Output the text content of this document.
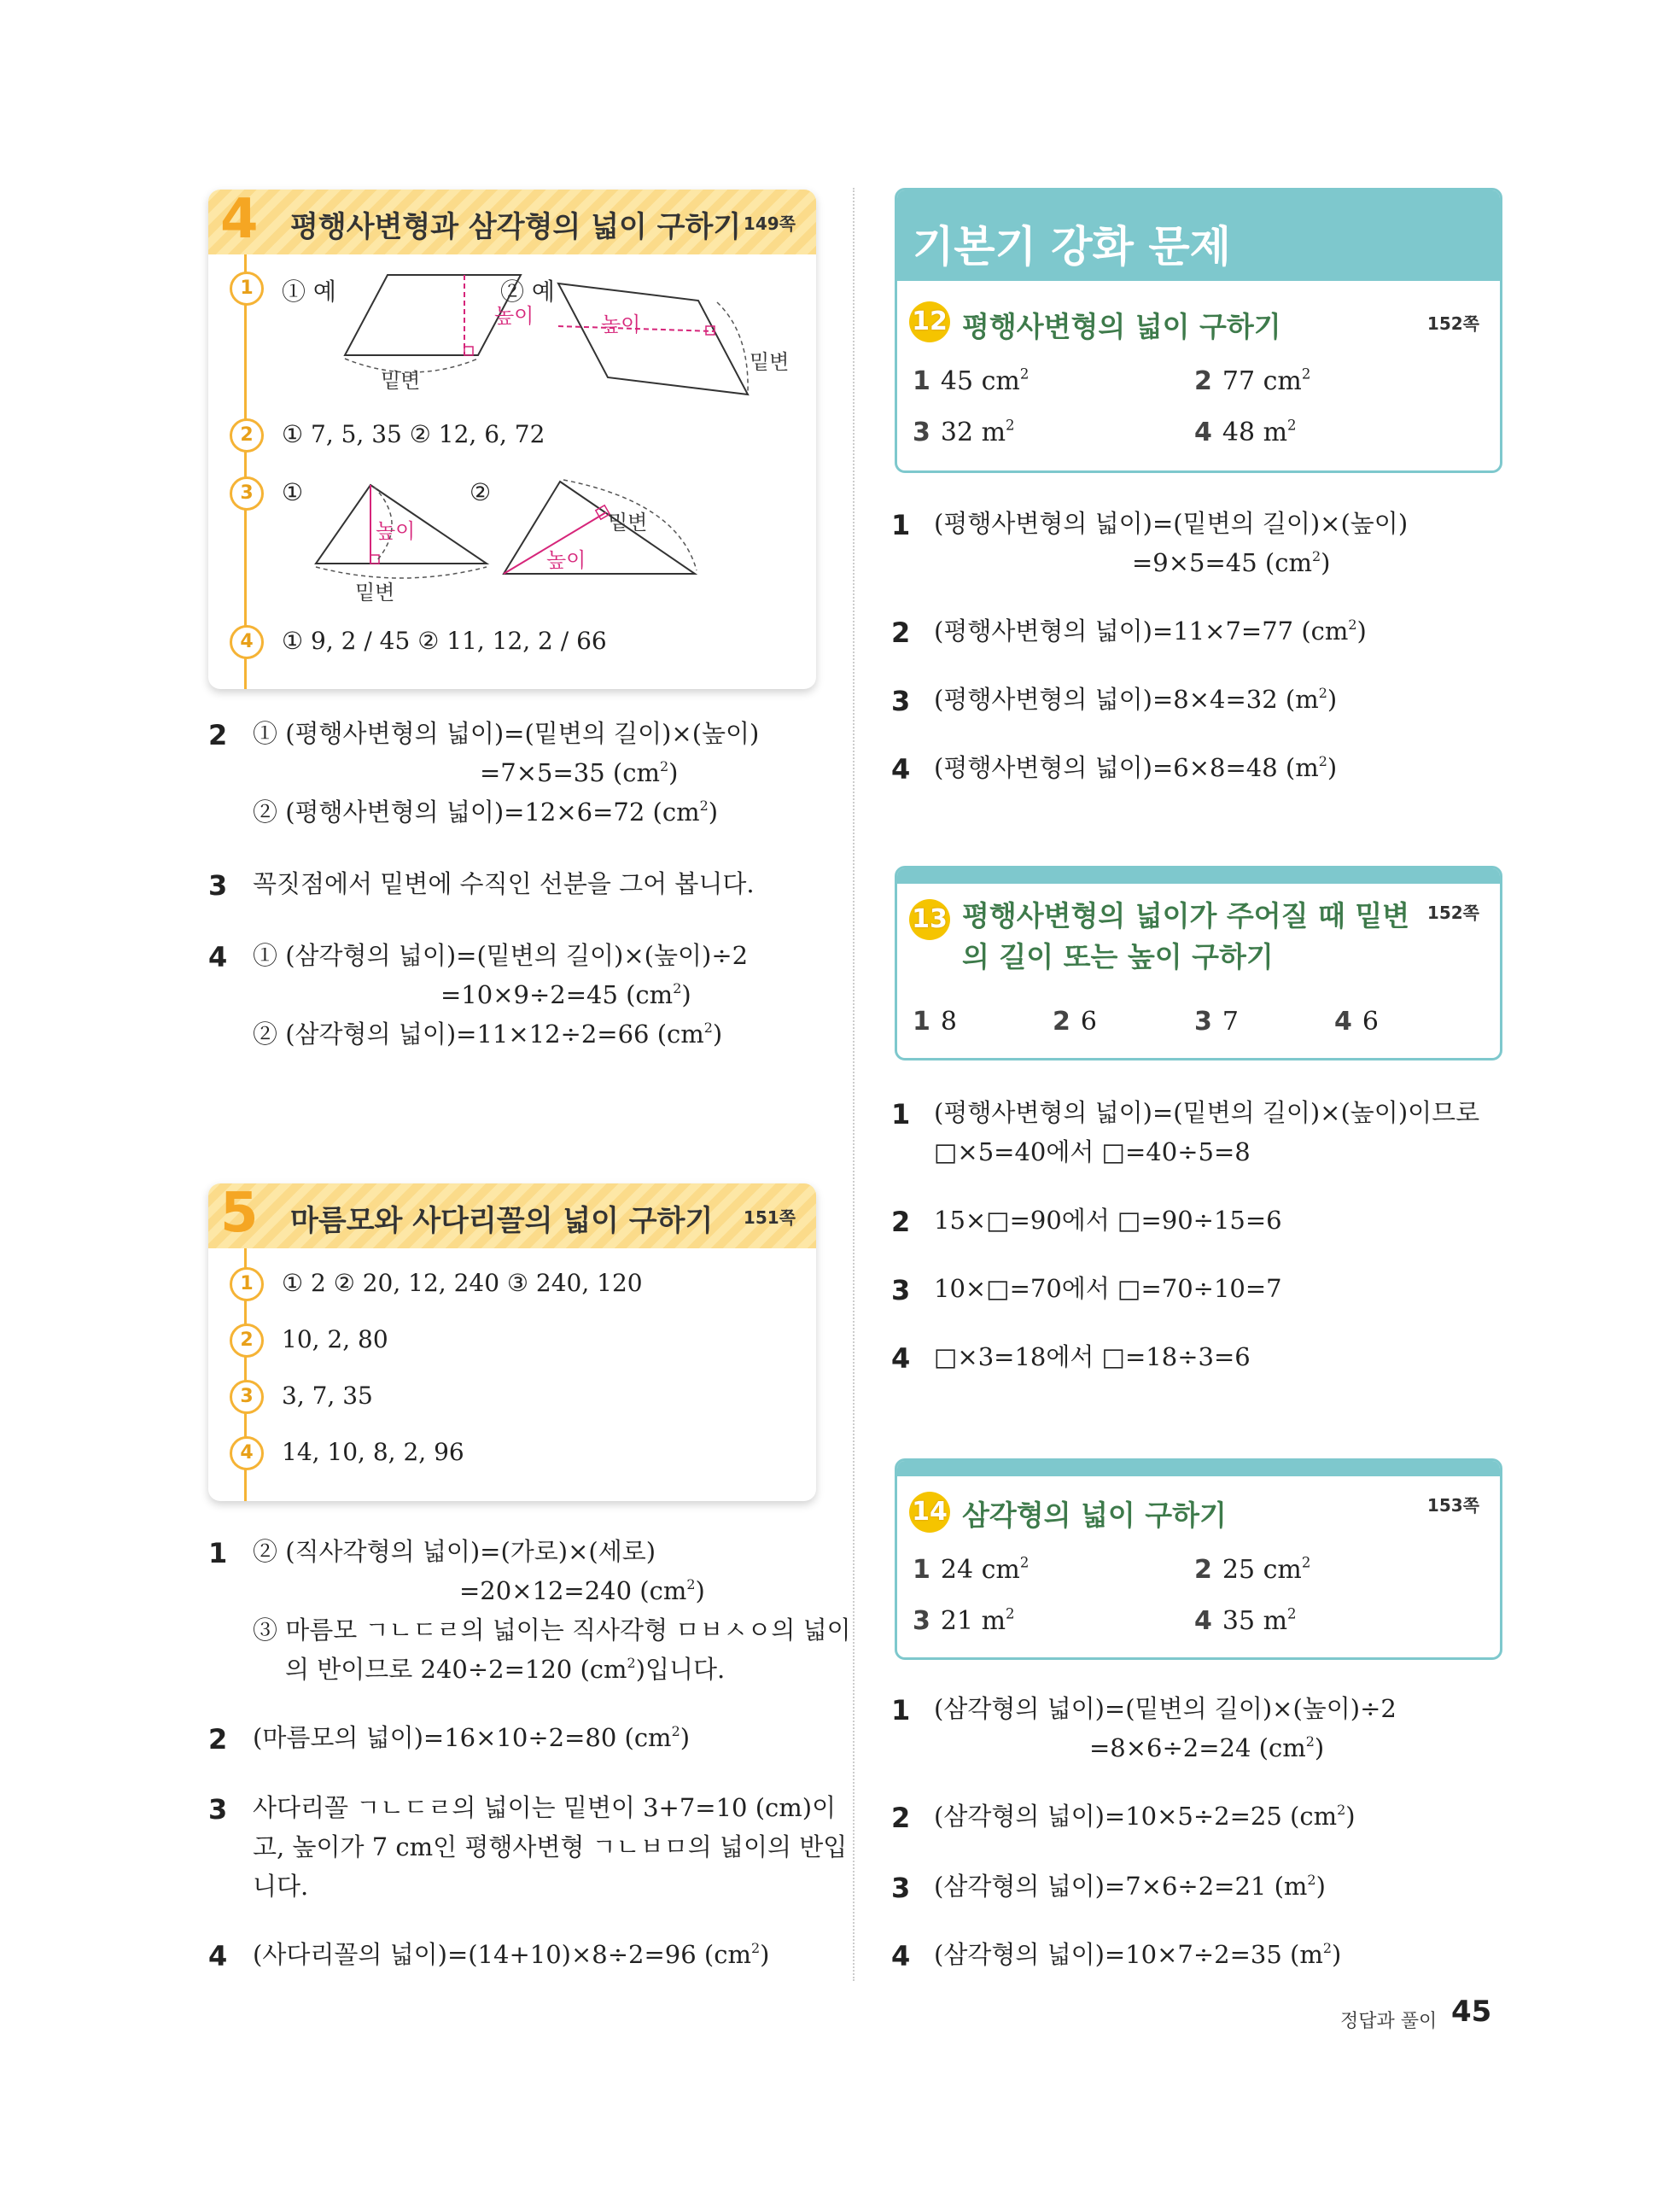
4 평행사변형과 삼각형의 넓이 구하기 149쪽
1	① 예	② 예
높이
밑변
높이
밑변
2	① 7, 5, 35 ② 12, 6, 72
3	①	②
높이
밑변
밑변
높이
4	① 9, 2 / 45 ② 11, 12, 2 / 66
2 ① (평행사변형의 넓이)=(밑변의 길이)×(높이)
=7×5=35 $(cm^2)$
② (평행사변형의 넓이)=12×6=72 $(cm^2)$
3 꼭짓점에서 밑변에 수직인 선분을 그어 봅니다.
4 ① (삼각형의 넓이)=(밑변의 길이)×(높이)÷2
=10×9÷2=45 $(cm^2)$
② (삼각형의 넓이)=11×12÷2=66 $(cm^2)$
5 마름모와 사다리꼴의 넓이 구하기 151쪽
1	① 2 ② 20, 12, 240 ③ 240, 120
2	10, 2, 80
3	3, 7, 35
4	14, 10, 8, 2, 96
1 ② (직사각형의 넓이)=(가로)×(세로)
=20×12=240 $(cm^2)$
③ 마름모 ㄱㄴㄷㄹ의 넓이는 직사각형 ㅁㅂㅅㅇ의 넓이
의 반이므로 240÷2=120 $(cm^2)$입니다.
2 (마름모의 넓이)=16×10÷2=80 $(cm^2)$
3 사다리꼴 ㄱㄴㄷㄹ의 넓이는 밑변이 3+7=10 (cm)이
고, 높이가 7 cm인 평행사변형 ㄱㄴㅂㅁ의 넓이의 반입
니다.
4 (사다리꼴의 넓이)=(14+10)×8÷2=96 $(cm^2)$
기본기 강화 문제
12 평행사변형의 넓이 구하기	152쪽
1 45 $cm^2$	2 77 $cm^2$
3 32 $m^2$	4 48 $m^2$
1 (평행사변형의 넓이)=(밑변의 길이)×(높이)
=9×5=45 $(cm^2)$
2 (평행사변형의 넓이)=11×7=77 $(cm^2)$
3 (평행사변형의 넓이)=8×4=32 $(m^2)$
4 (평행사변형의 넓이)=6×8=48 $(m^2)$
13 평행사변형의 넓이가 주어질 때 밑변
의 길이 또는 높이 구하기
152쪽
1 8	2 6	3 7	4 6
1 (평행사변형의 넓이)=(밑변의 길이)×(높이)이므로
□×5=40에서 □=40÷5=8
2 15×□=90에서 □=90÷15=6
3 10×□=70에서 □=70÷10=7
4 □×3=18에서 □=18÷3=6
14 삼각형의 넓이 구하기	153쪽
1 24 $cm^2$	2 25 $cm^2$
3 21 $m^2$	4 35 $m^2$
1 (삼각형의 넓이)=(밑변의 길이)×(높이)÷2
=8×6÷2=24 $(cm^2)$
2 (삼각형의 넓이)=10×5÷2=25 $(cm^2)$
3 (삼각형의 넓이)=7×6÷2=21 $(m^2)$
4 (삼각형의 넓이)=10×7÷2=35 $(m^2)$
정답과 풀이 45
